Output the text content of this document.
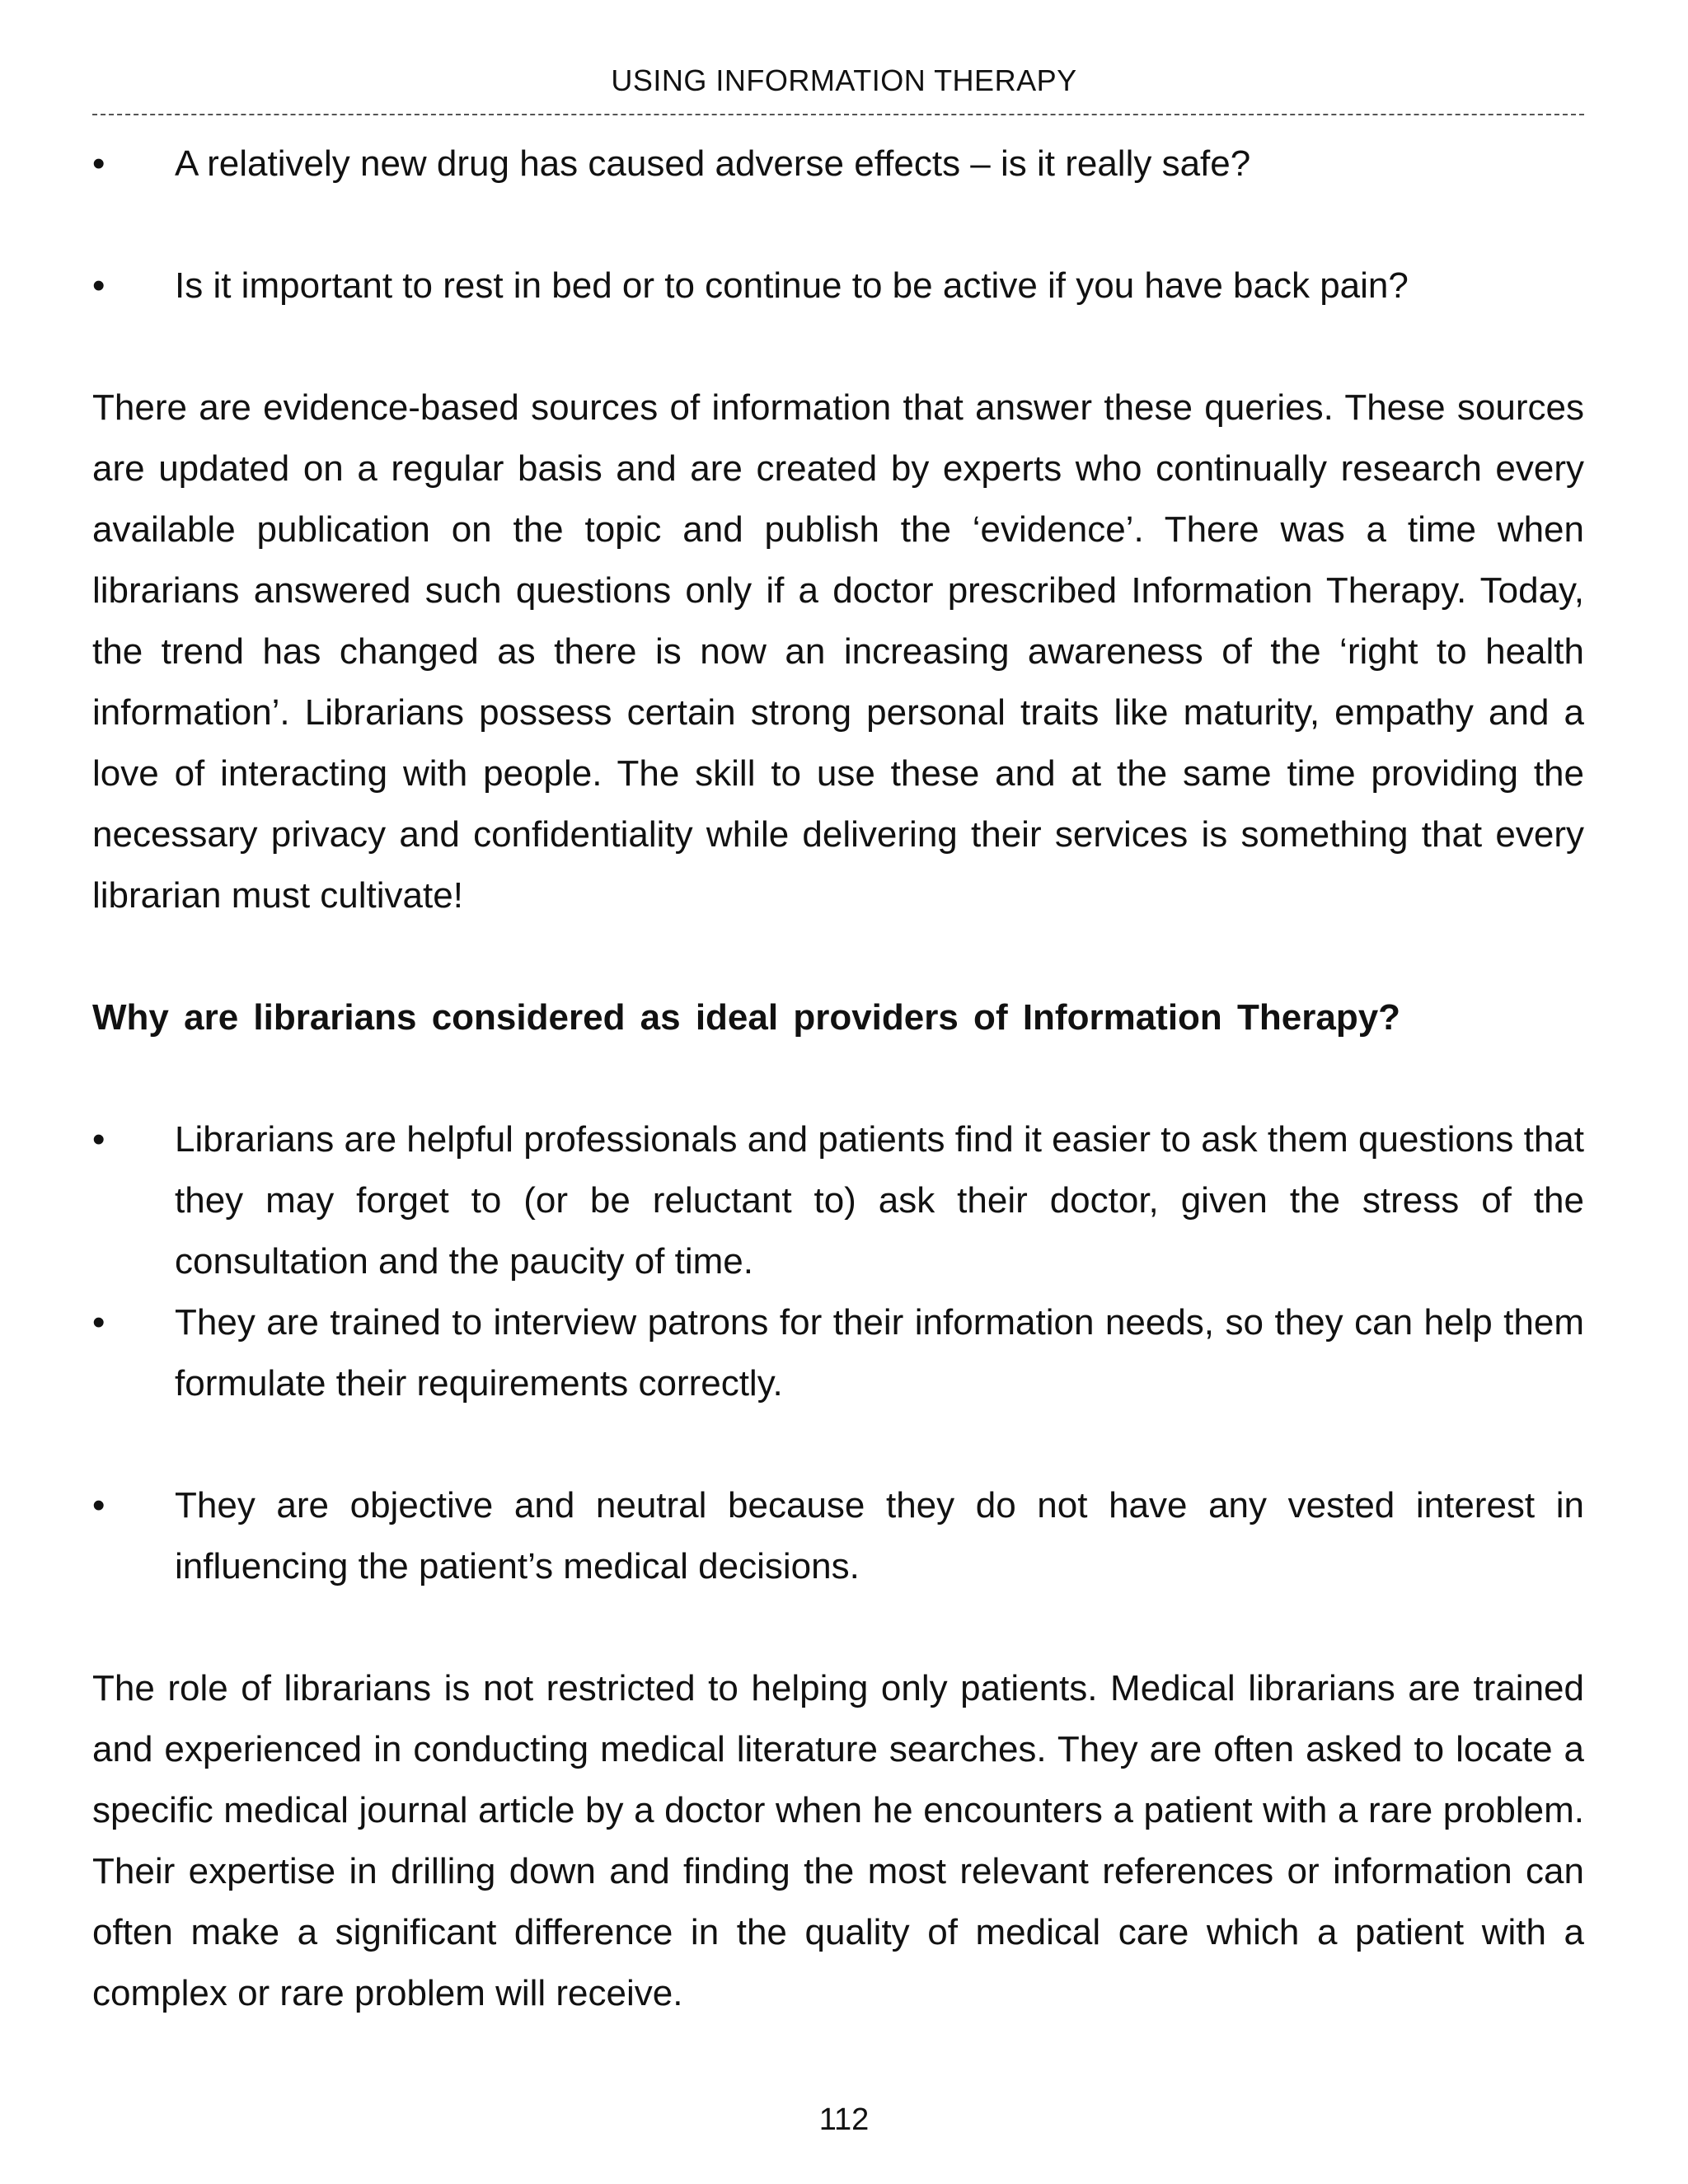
USING INFORMATION THERAPY
• A relatively new drug has caused adverse effects – is it really safe?
• Is it important to rest in bed or to continue to be active if you have back pain?

There are evidence-based sources of information that answer these queries. These sources are updated on a regular basis and are created by experts who continually research every available publication on the topic and publish the ‘evidence’. There was a time when librarians answered such questions only if a doctor prescribed Information Therapy. Today, the trend has changed as there is now an increasing awareness of the ‘right to health information’. Librarians possess certain strong personal traits like maturity, empathy and a love of interacting with people. The skill to use these and at the same time providing the necessary privacy and confidentiality while delivering their services is something that every librarian must cultivate!

Why are librarians considered as ideal providers of Information Therapy?
• Librarians are helpful professionals and patients find it easier to ask them questions that they may forget to (or be reluctant to) ask their doctor, given the stress of the consultation and the paucity of time.
• They are trained to interview patrons for their information needs, so they can help them formulate their requirements correctly.
• They are objective and neutral because they do not have any vested interest in influencing the patient’s medical decisions.

The role of librarians is not restricted to helping only patients. Medical librarians are trained and experienced in conducting medical literature searches. They are often asked to locate a specific medical journal article by a doctor when he encounters a patient with a rare problem. Their expertise in drilling down and finding the most relevant references or information can often make a significant difference in the quality of medical care which a patient with a complex or rare problem will receive.

112
